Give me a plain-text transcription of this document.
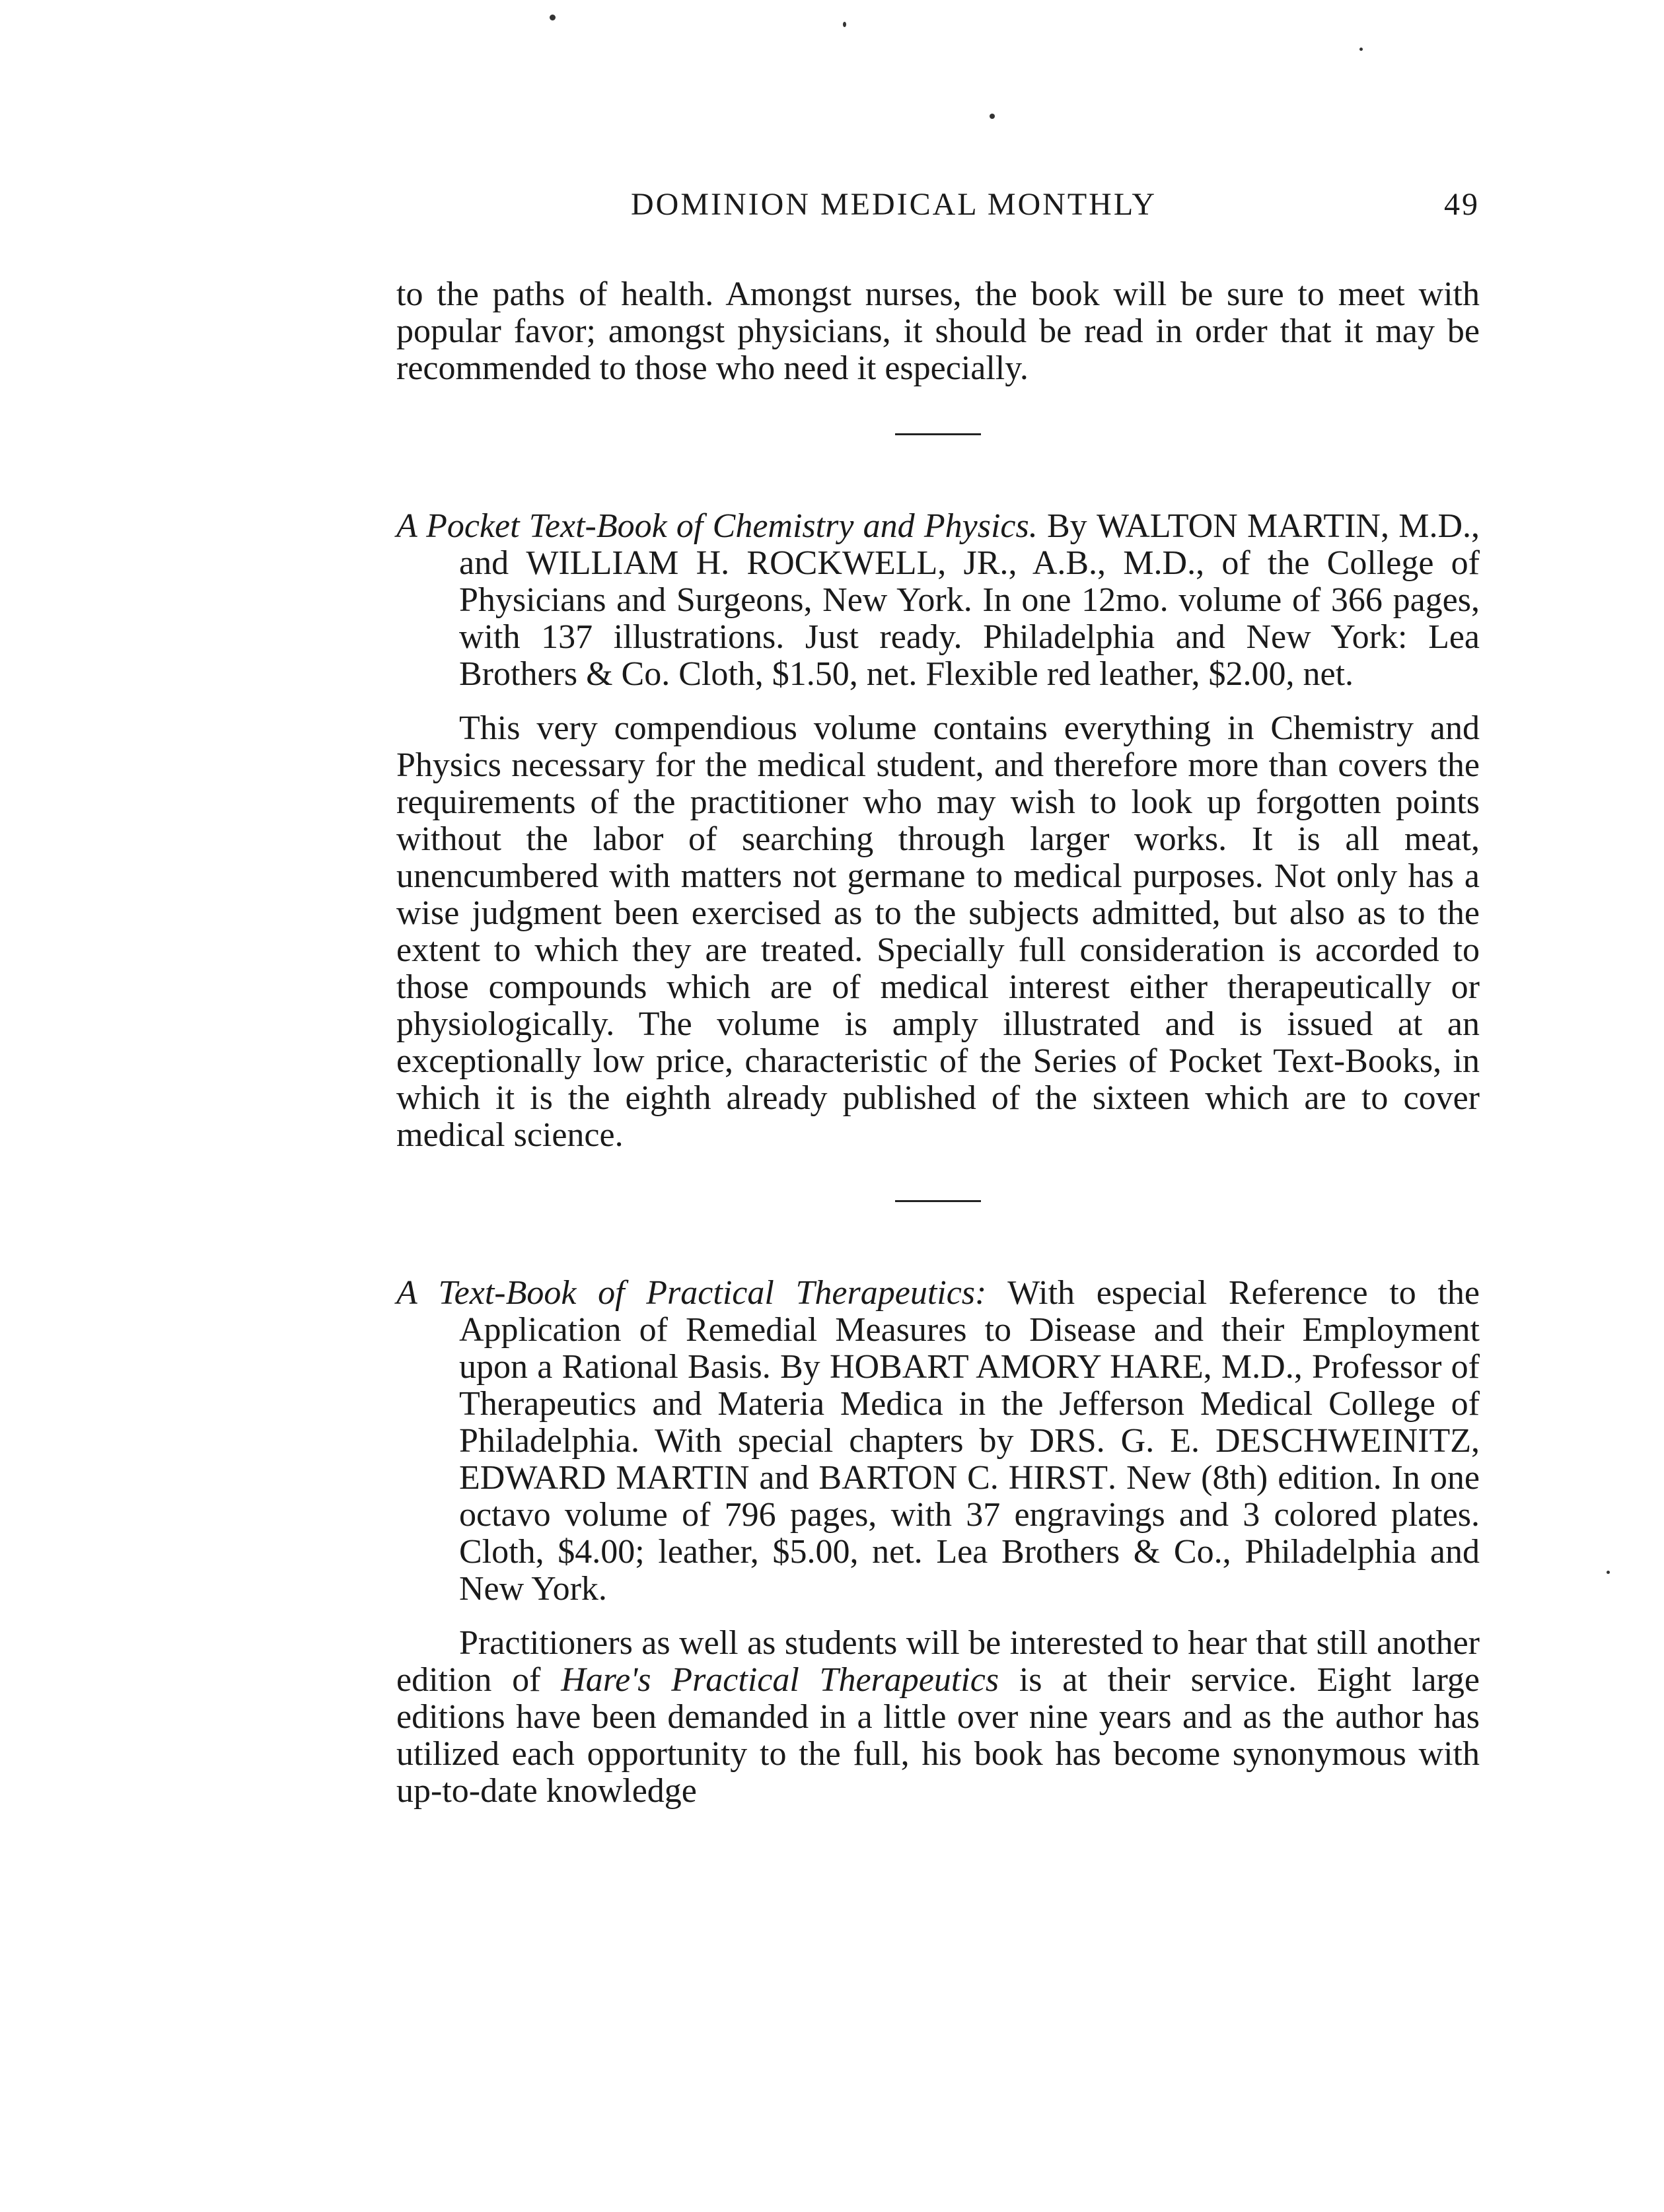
DOMINION MEDICAL MONTHLY	49

to the paths of health. Amongst nurses, the book will be sure to meet with popular favor; amongst physicians, it should be read in order that it may be recommended to those who need it especially.

A Pocket Text-Book of Chemistry and Physics. By WALTON MARTIN, M.D., and WILLIAM H. ROCKWELL, JR., A.B., M.D., of the College of Physicians and Surgeons, New York. In one 12mo. volume of 366 pages, with 137 illustrations. Just ready. Philadelphia and New York: Lea Brothers & Co. Cloth, $1.50, net. Flexible red leather, $2.00, net.

This very compendious volume contains everything in Chemistry and Physics necessary for the medical student, and therefore more than covers the requirements of the practitioner who may wish to look up forgotten points without the labor of searching through larger works. It is all meat, unencumbered with matters not germane to medical purposes. Not only has a wise judgment been exercised as to the subjects admitted, but also as to the extent to which they are treated. Specially full consideration is accorded to those compounds which are of medical interest either therapeutically or physiologically. The volume is amply illustrated and is issued at an exceptionally low price, characteristic of the Series of Pocket Text-Books, in which it is the eighth already published of the sixteen which are to cover medical science.

A Text-Book of Practical Therapeutics: With especial Reference to the Application of Remedial Measures to Disease and their Employment upon a Rational Basis. By HOBART AMORY HARE, M.D., Professor of Therapeutics and Materia Medica in the Jefferson Medical College of Philadelphia. With special chapters by DRS. G. E. DESCHWEINITZ, EDWARD MARTIN and BARTON C. HIRST. New (8th) edition. In one octavo volume of 796 pages, with 37 engravings and 3 colored plates. Cloth, $4.00; leather, $5.00, net. Lea Brothers & Co., Philadelphia and New York.

Practitioners as well as students will be interested to hear that still another edition of Hare's Practical Therapeutics is at their service. Eight large editions have been demanded in a little over nine years and as the author has utilized each opportunity to the full, his book has become synonymous with up-to-date knowledge
